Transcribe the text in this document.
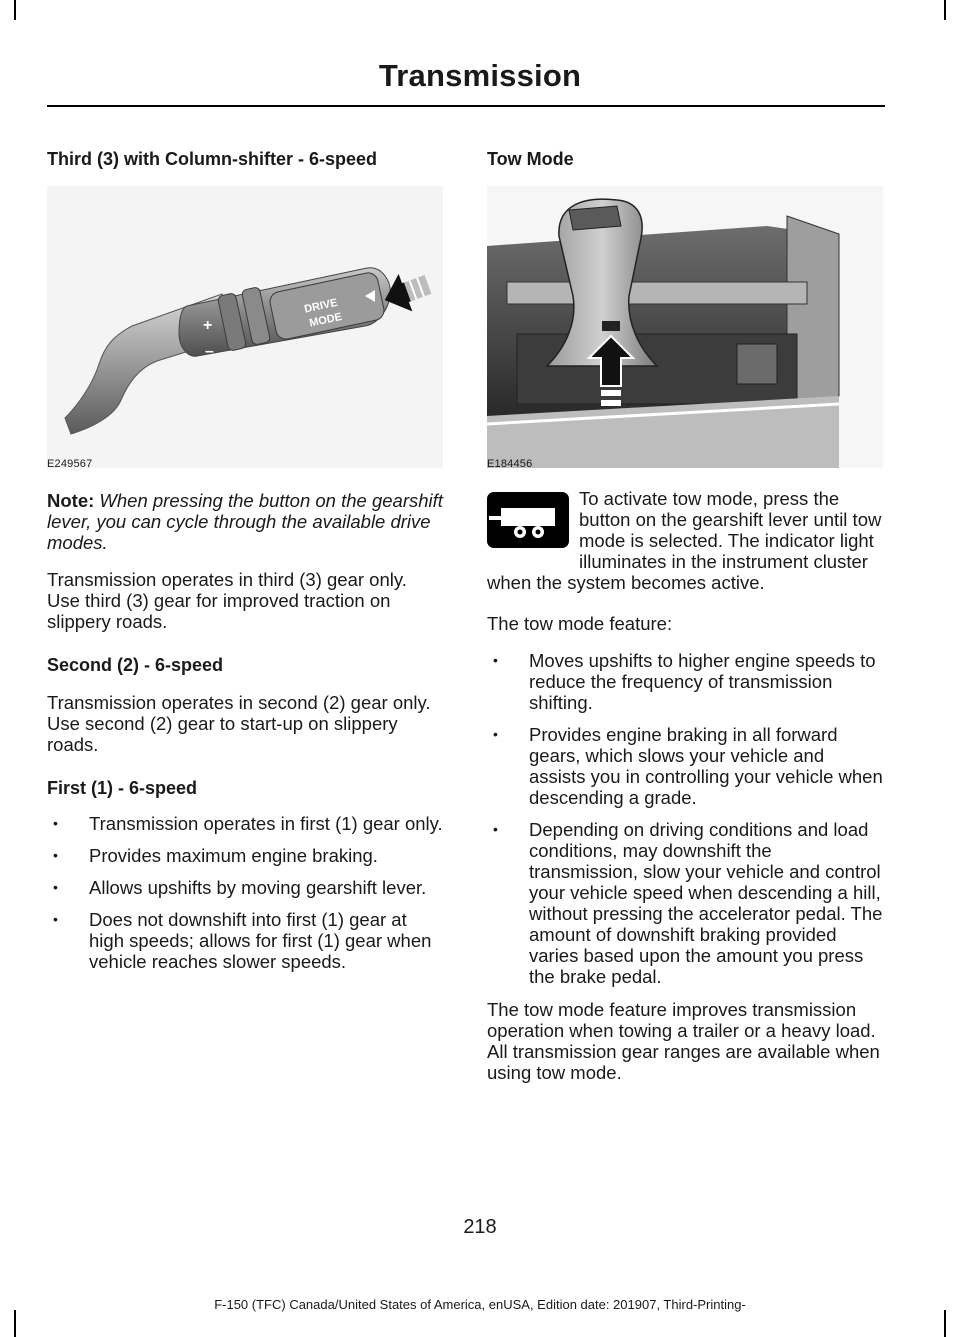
Transmission
Third (3) with Column-shifter - 6-speed
+
–
DRIVE
MODE
E249567

Note: When pressing the button on the gearshift lever, you can cycle through the available drive modes.

Transmission operates in third (3) gear only. Use third (3) gear for improved traction on slippery roads.

Second (2) - 6-speed

Transmission operates in second (2) gear only. Use second (2) gear to start-up on slippery roads.

First (1) - 6-speed
• Transmission operates in first (1) gear only.
• Provides maximum engine braking.
• Allows upshifts by moving gearshift lever.
• Does not downshift into first (1) gear at high speeds; allows for first (1) gear when vehicle reaches slower speeds.
Tow Mode
E184456
To activate tow mode, press the button on the gearshift lever until tow mode is selected. The indicator light illuminates in the instrument cluster when the system becomes active.

The tow mode feature:

• Moves upshifts to higher engine speeds to reduce the frequency of transmission shifting.
• Provides engine braking in all forward gears, which slows your vehicle and assists you in controlling your vehicle when descending a grade.
• Depending on driving conditions and load conditions, may downshift the transmission, slow your vehicle and control your vehicle speed when descending a hill, without pressing the accelerator pedal. The amount of downshift braking provided varies based upon the amount you press the brake pedal.

The tow mode feature improves transmission operation when towing a trailer or a heavy load. All transmission gear ranges are available when using tow mode.

218
F-150 (TFC) Canada/United States of America, enUSA, Edition date: 201907, Third-Printing-
